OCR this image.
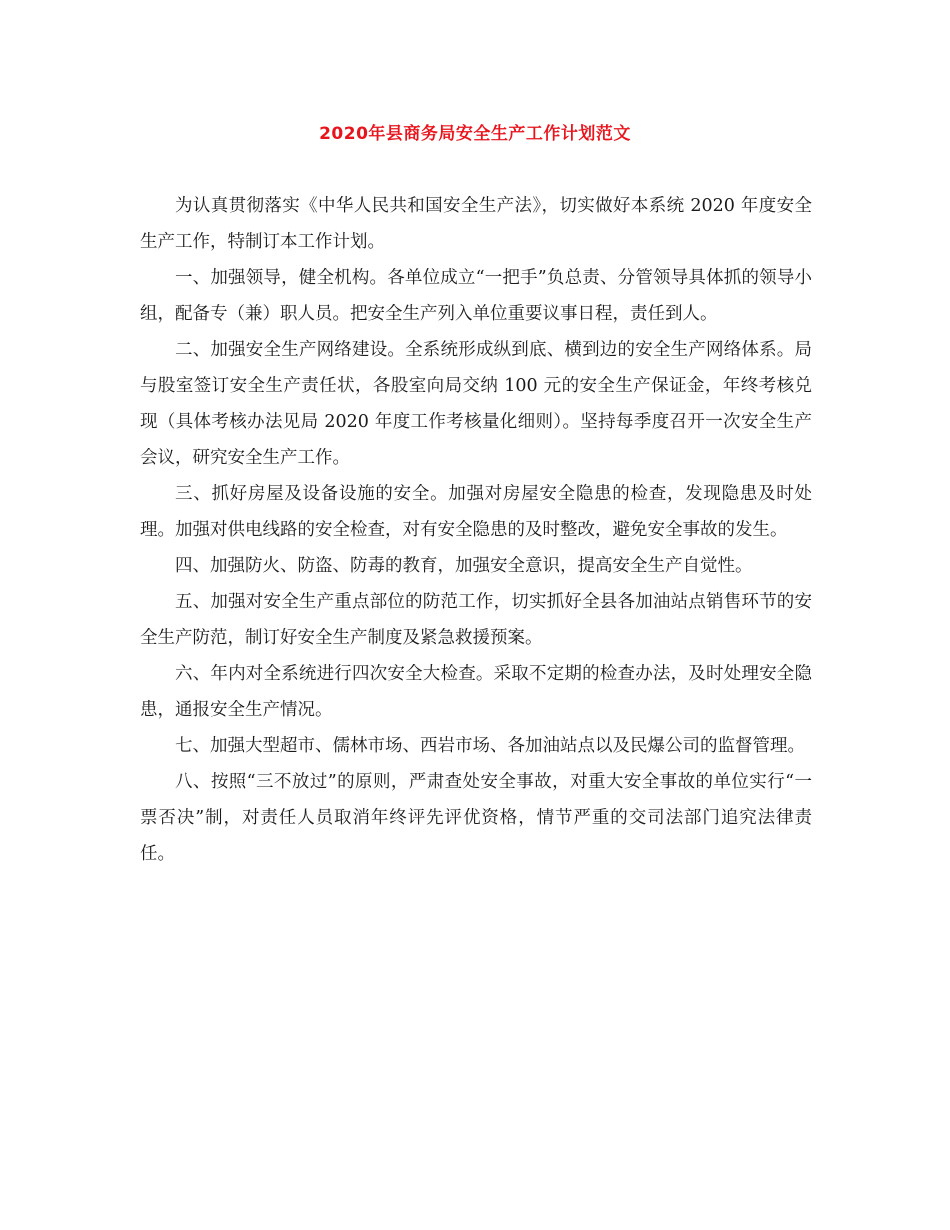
2020年县商务局安全生产工作计划范文

为认真贯彻落实《中华人民共和国安全生产法》，切实做好本系统 2020 年度安全生产工作，特制订本工作计划。

一、加强领导，健全机构。各单位成立“一把手”负总责、分管领导具体抓的领导小组，配备专（兼）职人员。把安全生产列入单位重要议事日程，责任到人。

二、加强安全生产网络建设。全系统形成纵到底、横到边的安全生产网络体系。局与股室签订安全生产责任状，各股室向局交纳 100 元的安全生产保证金，年终考核兑现（具体考核办法见局 2020 年度工作考核量化细则）。坚持每季度召开一次安全生产会议，研究安全生产工作。

三、抓好房屋及设备设施的安全。加强对房屋安全隐患的检查，发现隐患及时处理。加强对供电线路的安全检查，对有安全隐患的及时整改，避免安全事故的发生。

四、加强防火、防盗、防毒的教育，加强安全意识，提高安全生产自觉性。

五、加强对安全生产重点部位的防范工作，切实抓好全县各加油站点销售环节的安全生产防范，制订好安全生产制度及紧急救援预案。

六、年内对全系统进行四次安全大检查。采取不定期的检查办法，及时处理安全隐患，通报安全生产情况。

七、加强大型超市、儒林市场、西岩市场、各加油站点以及民爆公司的监督管理。

八、按照“三不放过”的原则，严肃查处安全事故，对重大安全事故的单位实行“一票否决”制，对责任人员取消年终评先评优资格，情节严重的交司法部门追究法律责任。
